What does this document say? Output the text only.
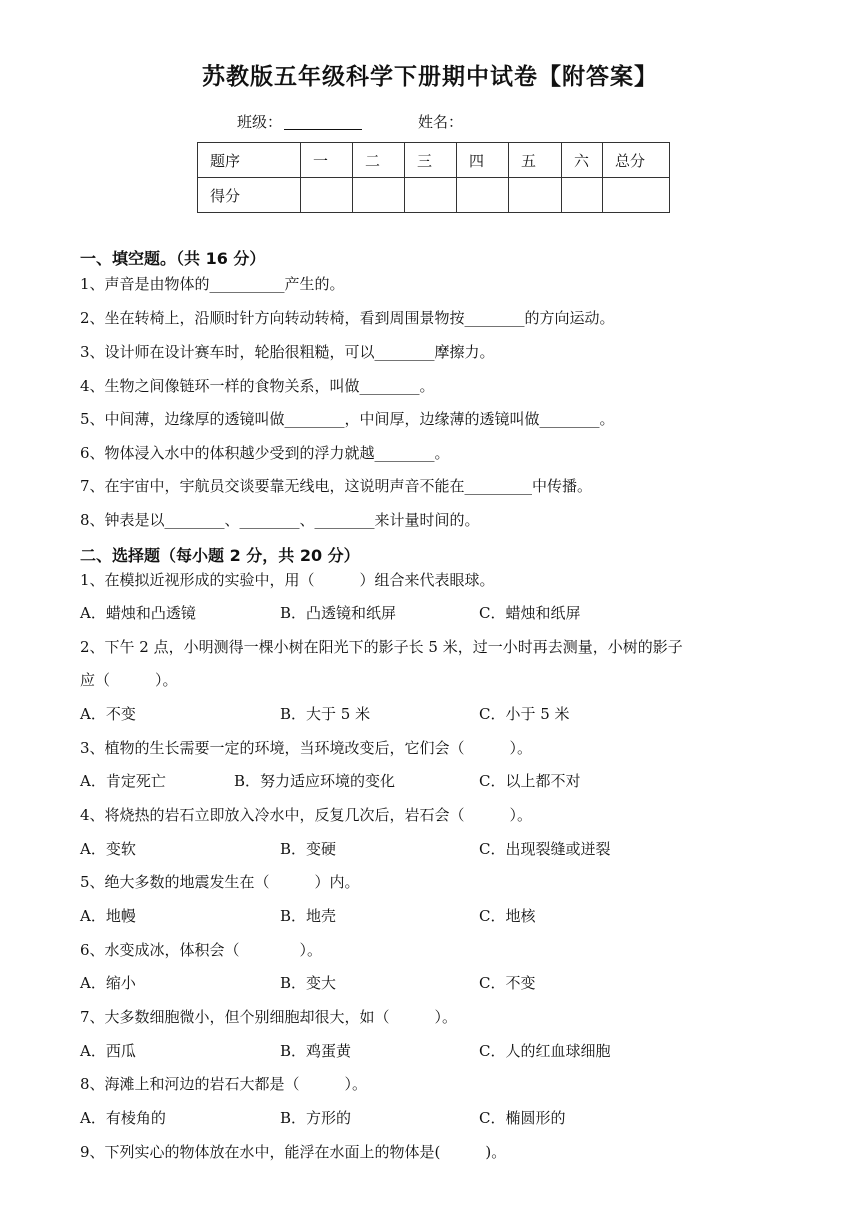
苏教版五年级科学下册期中试卷【附答案】
班级：	姓名：
题序	一	二	三	四	五	六	总分
得分							
一、填空题。（共 16 分）
1、声音是由物体的__________产生的。
2、坐在转椅上，沿顺时针方向转动转椅，看到周围景物按________的方向运动。
3、设计师在设计赛车时，轮胎很粗糙，可以________摩擦力。
4、生物之间像链环一样的食物关系，叫做________。
5、中间薄，边缘厚的透镜叫做________，中间厚，边缘薄的透镜叫做________。
6、物体浸入水中的体积越少受到的浮力就越________。
7、在宇宙中，宇航员交谈要靠无线电，这说明声音不能在_________中传播。
8、钟表是以________、________、________来计量时间的。
二、选择题（每小题 2 分，共 20 分）
1、在模拟近视形成的实验中，用（　　　）组合来代表眼球。
A．蜡烛和凸透镜	B．凸透镜和纸屏	C．蜡烛和纸屏
2、下午 2 点，小明测得一棵小树在阳光下的影子长 5 米，过一小时再去测量，小树的影子
应（　　　）。
A．不变	B．大于 5 米	C．小于 5 米
3、植物的生长需要一定的环境，当环境改变后，它们会（　　　）。
A．肯定死亡	B．努力适应环境的变化	C．以上都不对
4、将烧热的岩石立即放入冷水中，反复几次后，岩石会（　　　）。
A．变软	B．变硬	C．出现裂缝或迸裂
5、绝大多数的地震发生在（　　　）内。
A．地幔	B．地壳	C．地核
6、水变成冰，体积会（　　　　）。
A．缩小	B．变大	C．不变
7、大多数细胞微小，但个别细胞却很大，如（　　　）。
A．西瓜	B．鸡蛋黄	C．人的红血球细胞
8、海滩上和河边的岩石大都是（　　　）。
A．有棱角的	B．方形的	C．椭圆形的
9、下列实心的物体放在水中，能浮在水面上的物体是(　　　)。
